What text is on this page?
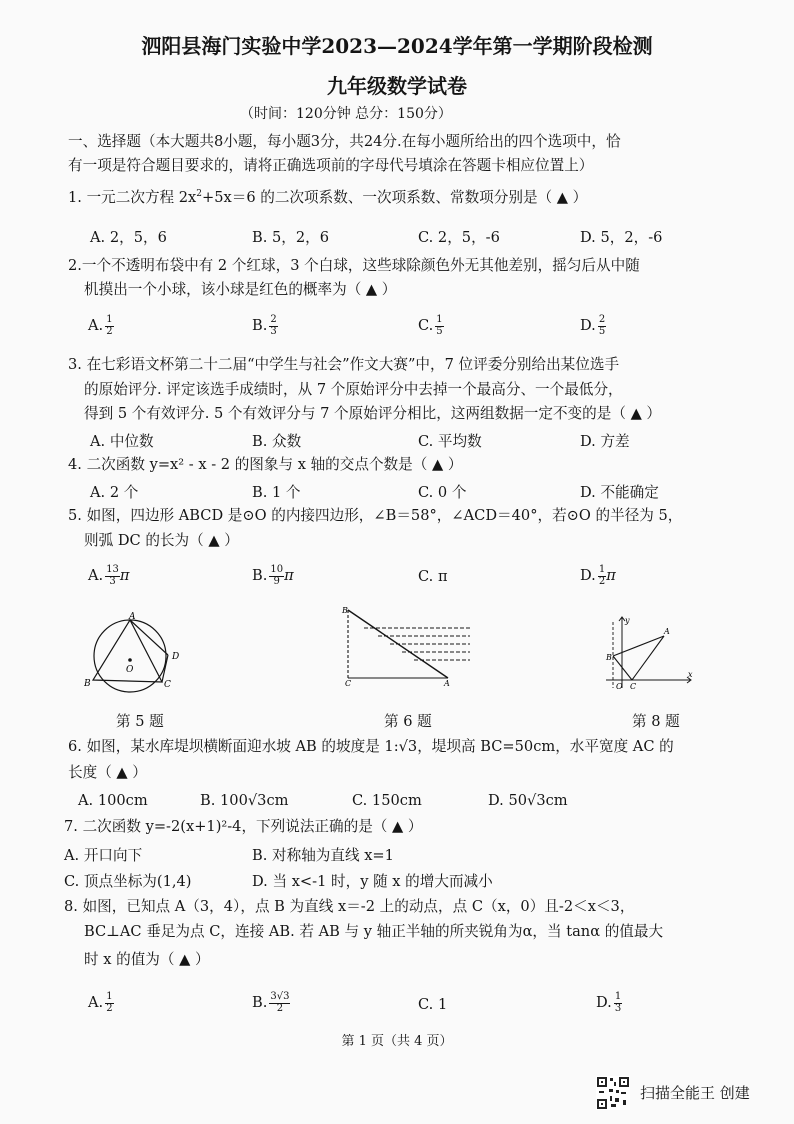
泗阳县海门实验中学2023—2024学年第一学期阶段检测
九年级数学试卷
（时间：120分钟 总分：150分）
一、选择题（本大题共8小题，每小题3分，共24分.在每小题所给出的四个选项中，恰
有一项是符合题目要求的，请将正确选项前的字母代号填涂在答题卡相应位置上）
1. 一元二次方程 $2x^2+5x=6$ 的二次项系数、一次项系数、常数项分别是（ ▲ ）
A. 2，5，6	B. 5，2，6	C. 2，5，-6	D. 5，2，-6
2.一个不透明布袋中有 2 个红球，3 个白球，这些球除颜色外无其他差别，摇匀后从中随
机摸出一个小球，该小球是红色的概率为（ ▲ ）
A. $\frac{1}{2}$	B. $\frac{2}{3}$	C. $\frac{1}{5}$	D. $\frac{2}{5}$
3. 在七彩语文杯第二十二届“中学生与社会”作文大赛”中，7 位评委分别给出某位选手
的原始评分. 评定该选手成绩时，从 7 个原始评分中去掉一个最高分、一个最低分，
得到 5 个有效评分. 5 个有效评分与 7 个原始评分相比，这两组数据一定不变的是（ ▲ ）
A. 中位数	B. 众数	C. 平均数	D. 方差
4. 二次函数 y=x² - x - 2 的图象与 x 轴的交点个数是（ ▲ ）
A. 2 个	B. 1 个	C. 0 个	D. 不能确定
5. 如图，四边形 ABCD 是⊙O 的内接四边形，∠B＝58°，∠ACD＝40°，若⊙O 的半径为 5，
则弧 DC 的长为（ ▲ ）
A. $\frac{13}{3}$ π	B. $\frac{10}{9}$ π	C. π	D. $\frac{1}{2}$ π
A
B	C
D
O
第 5 题
B
C	A
第 6 题
y
x
A
B
O C
第 8 题
6. 如图，某水库堤坝横断面迎水坡 AB 的坡度是 1:√3，堤坝高 BC=50cm，水平宽度 AC 的
长度（ ▲ ）
A. 100cm	B. 100√3cm	C. 150cm	D. 50√3cm
7. 二次函数 y=-2(x+1)²-4，下列说法正确的是（ ▲ ）
A. 开口向下	B. 对称轴为直线 x=1
C. 顶点坐标为(1,4)	D. 当 x<-1 时，y 随 x 的增大而减小
8. 如图，已知点 A（3，4），点 B 为直线 x＝-2 上的动点，点 C（x，0）且-2＜x＜3，
BC⊥AC 垂足为点 C，连接 AB. 若 AB 与 y 轴正半轴的所夹锐角为α，当 tanα 的值最大
时 x 的值为（ ▲ ）
A. $\frac{1}{2}$	B. $\frac{3√3}{2}$	C. 1	D. $\frac{1}{3}$
第 1 页（共 4 页）
扫描全能王 创建
